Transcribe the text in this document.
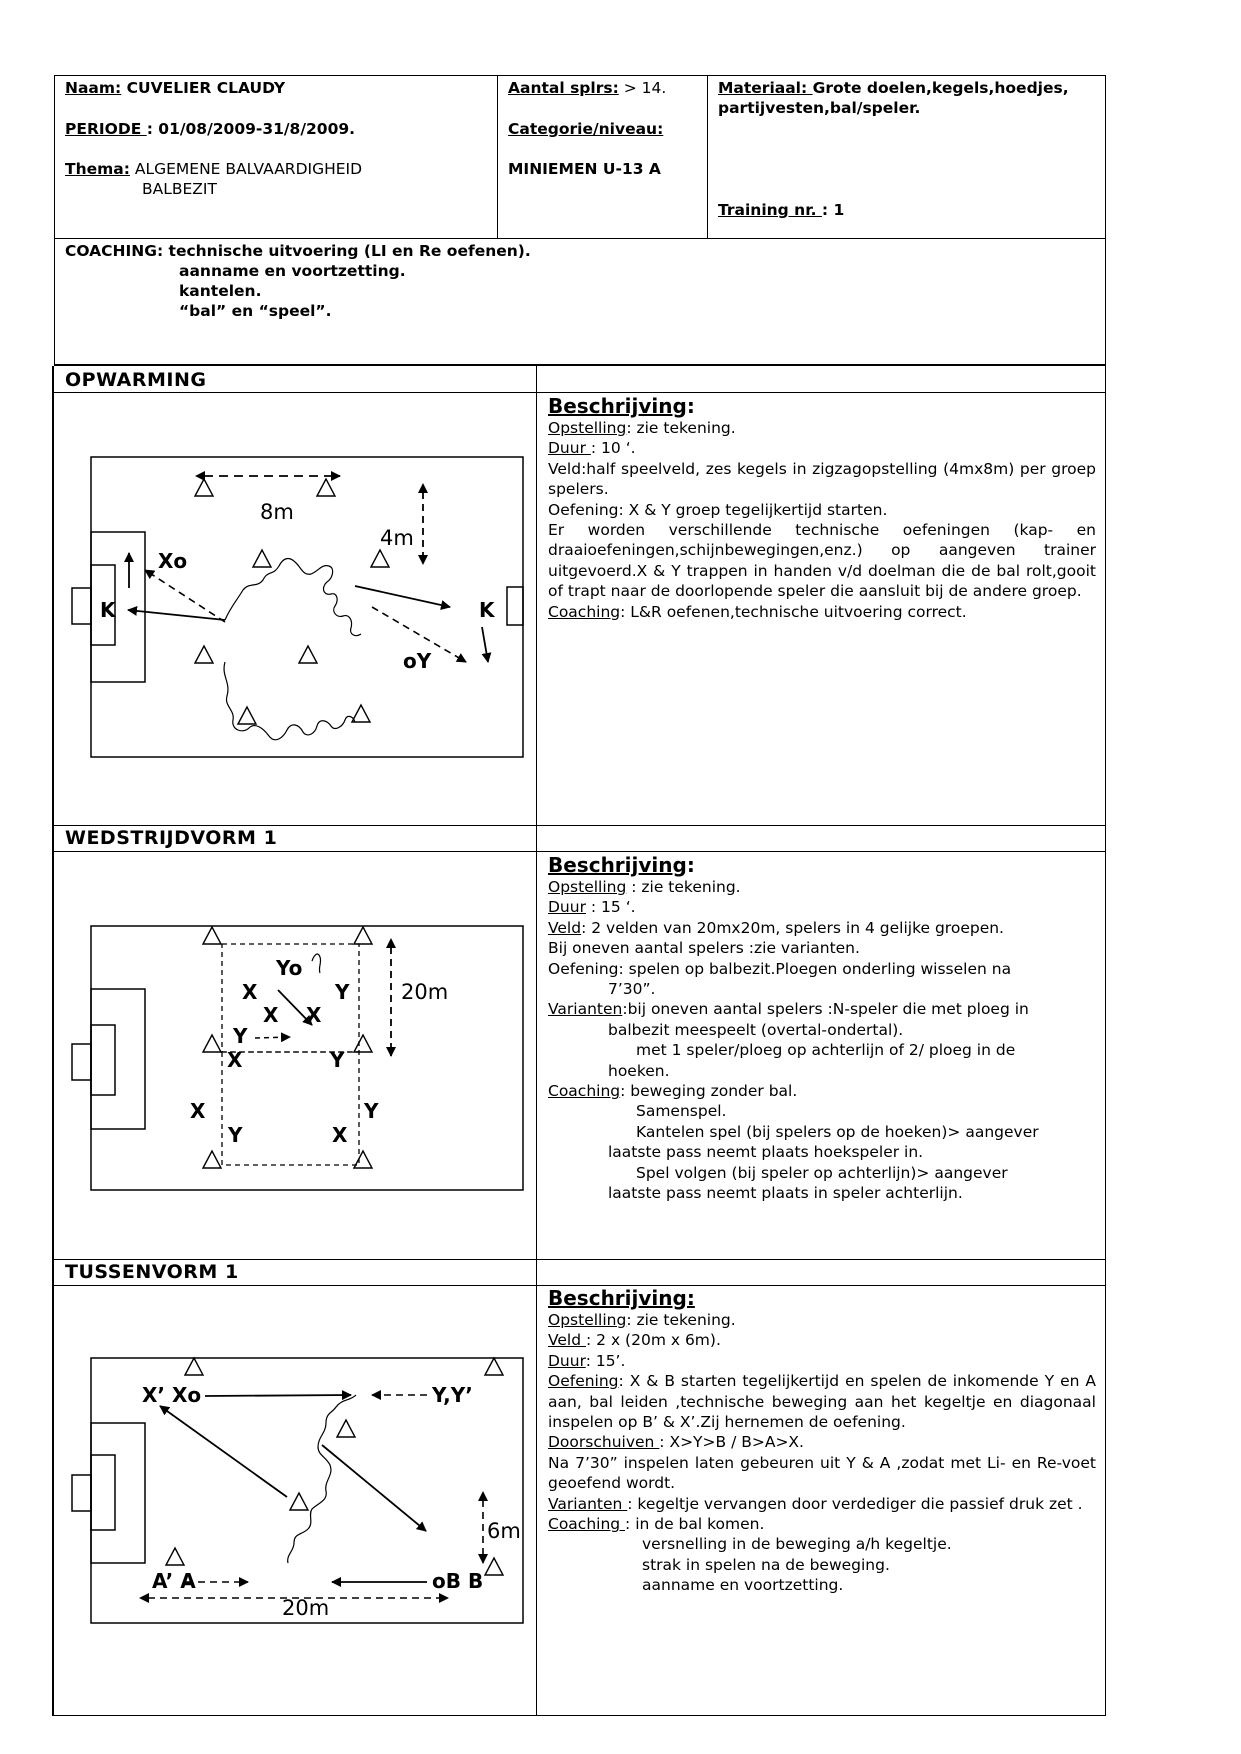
Naam: CUVELIER CLAUDY
PERIODE : 01/08/2009-31/8/2009.
Thema: ALGEMENE BALVAARDIGHEID
BALBEZIT
Aantal splrs: > 14.
Categorie/niveau:
MINIEMEN U-13 A
Materiaal: Grote doelen,kegels,hoedjes,
partijvesten,bal/speler.
Training nr. : 1
COACHING: technische uitvoering (LI en Re oefenen).
aanname en voortzetting.
kantelen.
“bal” en “speel”.
OPWARMING
Beschrijving:

Opstelling: zie tekening.

Duur : 10 ‘.

Veld:half speelveld, zes kegels in zigzagopstelling (4mx8m) per groep spelers.

Oefening: X & Y groep tegelijkertijd starten.

Er worden verschillende technische oefeningen (kap- en draaioefeningen,schijnbewegingen,enz.) op aangeven trainer uitgevoerd.X & Y trappen in handen v/d doelman die de bal rolt,gooit of trapt naar de doorlopende speler die aansluit bij de andere groep.

Coaching: L&R oefenen,technische uitvoering correct.

8m
4m
Xo
oY
K	K
WEDSTRIJDVORM 1
Beschrijving:

Opstelling : zie tekening.

Duur : 15 ‘.

Veld: 2 velden van 20mx20m, spelers in 4 gelijke groepen.

Bij oneven aantal spelers :zie varianten.

Oefening: spelen op balbezit.Ploegen onderling wisselen na

7’30”.

Varianten:bij oneven aantal spelers :N-speler die met ploeg in

balbezit meespeelt (overtal-ondertal).

met 1 speler/ploeg op achterlijn of 2/ ploeg in de

hoeken.

Coaching: beweging zonder bal.

Samenspel.

Kantelen spel (bij spelers op de hoeken)> aangever

laatste pass neemt plaats hoekspeler in.

Spel volgen (bij speler op achterlijn)> aangever

laatste pass neemt plaats in speler achterlijn.

20m
Yo
X	Y
X X
Y
X	Y
X	Y
Y	X
TUSSENVORM 1
Beschrijving:

Opstelling: zie tekening.

Veld : 2 x (20m x 6m).

Duur: 15’.

Oefening: X & B starten tegelijkertijd en spelen de inkomende Y en A aan, bal leiden ,technische beweging aan het kegeltje en diagonaal inspelen op B’ & X’.Zij hernemen de oefening.

Doorschuiven : X>Y>B / B>A>X.

Na 7’30” inspelen laten gebeuren uit Y & A ,zodat met Li- en Re-voet geoefend wordt.

Varianten : kegeltje vervangen door verdediger die passief druk zet .

Coaching : in de bal komen.

versnelling in de beweging a/h kegeltje.

strak in spelen na de beweging.

aanname en voortzetting.

X’ Xo	Y,Y’
A’ A	oB B
6m
20m
